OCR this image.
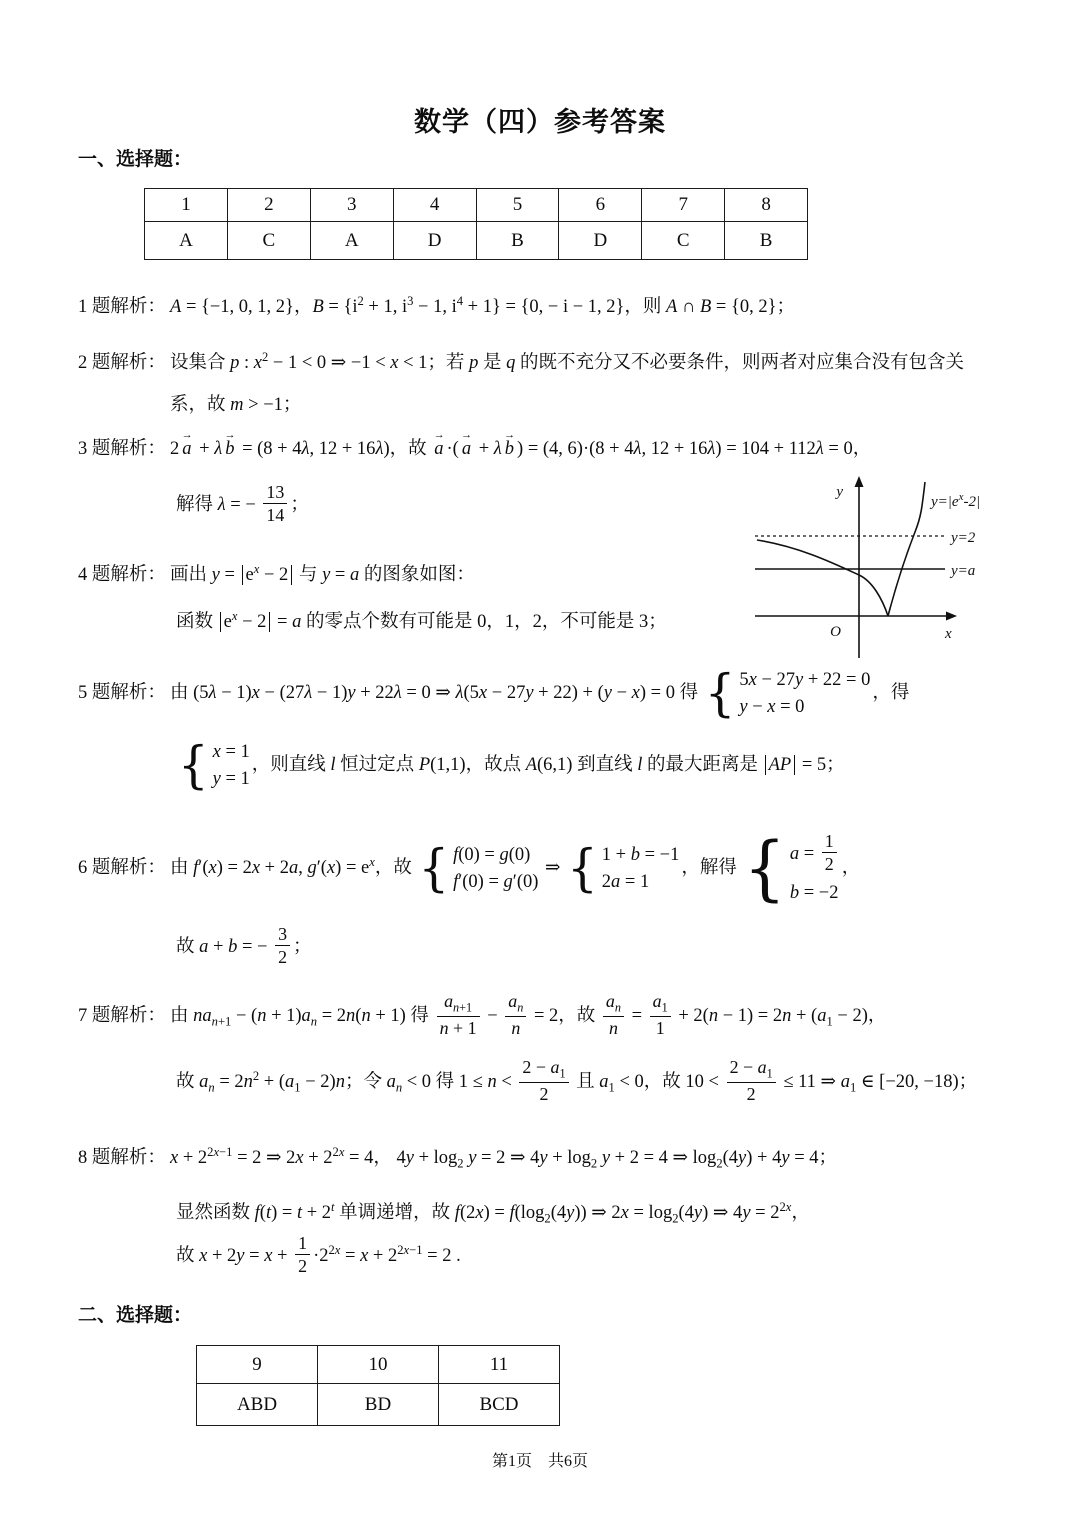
数学（四）参考答案
一、选择题：
1	2	3	4	5	6	7	8
A	C	A	D	B	D	C	B
1 题解析： A = {−1, 0, 1, 2}，$B = \{i^2 + 1$, $i^3 - 1$, $i^4 + 1\} = \{0$, − i − 1, 2}，则 A ∩ B = {0, 2}；
2 题解析： 设集合 p : $x^2 - 1 < 0$ ⇒ −1 < x < 1；若 p 是 q 的既不充分又不必要条件，则两者对应集合没有包含关
系，故 m > −1；
3 题解析： 2 a → + λ b → = (8 + 4λ, 12 + 16λ)，故 a → ·( a → + λ b → ) = (4, 6)·(8 + 4λ, 12 + 16λ) = 104 + 112λ = 0，
解得 λ = − $\frac{13}{14}$ ；
4 题解析： 画出 $y = e^x - 2$ 与 y = a 的图象如图：
函数 $e^x - 2 = a$ 的零点个数有可能是 0，1，2，不可能是 3；
5 题解析： 由 (5λ − 1)x − (27λ − 1)y + 22λ = 0 ⇒ λ(5x − 27y + 22) + (y − x) = 0 得 { 5x − 27y + 22 = 0
y − x = 0
，得
{ x = 1
y = 1
，则直线 l 恒过定点 P(1,1)，故点 A(6,1) 到直线 l 的最大距离是 AP = 5；
6 题解析： 由 f′(x) = 2x + 2a, $g'(x) = e^x$，故 { f(0) = g(0)
f′(0) = g′(0)
⇒ { 1 + b = −1
2a = 1
，解得 { $a = \frac{1}{2}$
b = −2
，
故 a + b = − $\frac{3}{2}$ ；
7 题解析： 由 $na_{n+1} - (n + 1)a_n = 2n(n + 1)$ 得 $\frac{a_{n+1}}{n + 1} - \frac{a_n}{n} = 2$，故 $\frac{a_n}{n} = \frac{a_1}{1} + 2(n - 1) = 2n + (a_1 - 2)$，
故 $a_n = 2n^2 + (a_1 - 2)n$；令 $a_n < 0$ 得 $1 \le n < \frac{2 - a_1}{2}$ 且 $a_1 < 0$，故 $10 < \frac{2 - a_1}{2} \le 11$ ⇒ $a_1$ ∈ [−20, −18)；
8 题解析： $x + 2^{2x-1} = 2$ ⇒ $2x + 2^{2x} = 4$， $4y + \log_2 y = 2$ ⇒ $4y + \log_2 y + 2 = 4$ ⇒ $\log_2(4y) + 4y = 4$；
显然函数 $f(t) = t + 2^t$ 单调递增，故 $f(2x) = f(\log_2(4y))$ ⇒ $2x = \log_2(4y)$ ⇒ $4y = 2^{2x}$，
故 $x + 2y = x + \frac{1}{2} \cdot 2^{2x} = x + 2^{2x-1} = 2$ .
y
x
O
$y=|e^x-2|$
y=2
y=a
二、选择题：
9	10	11
ABD	BD	BCD
第1页　共6页
